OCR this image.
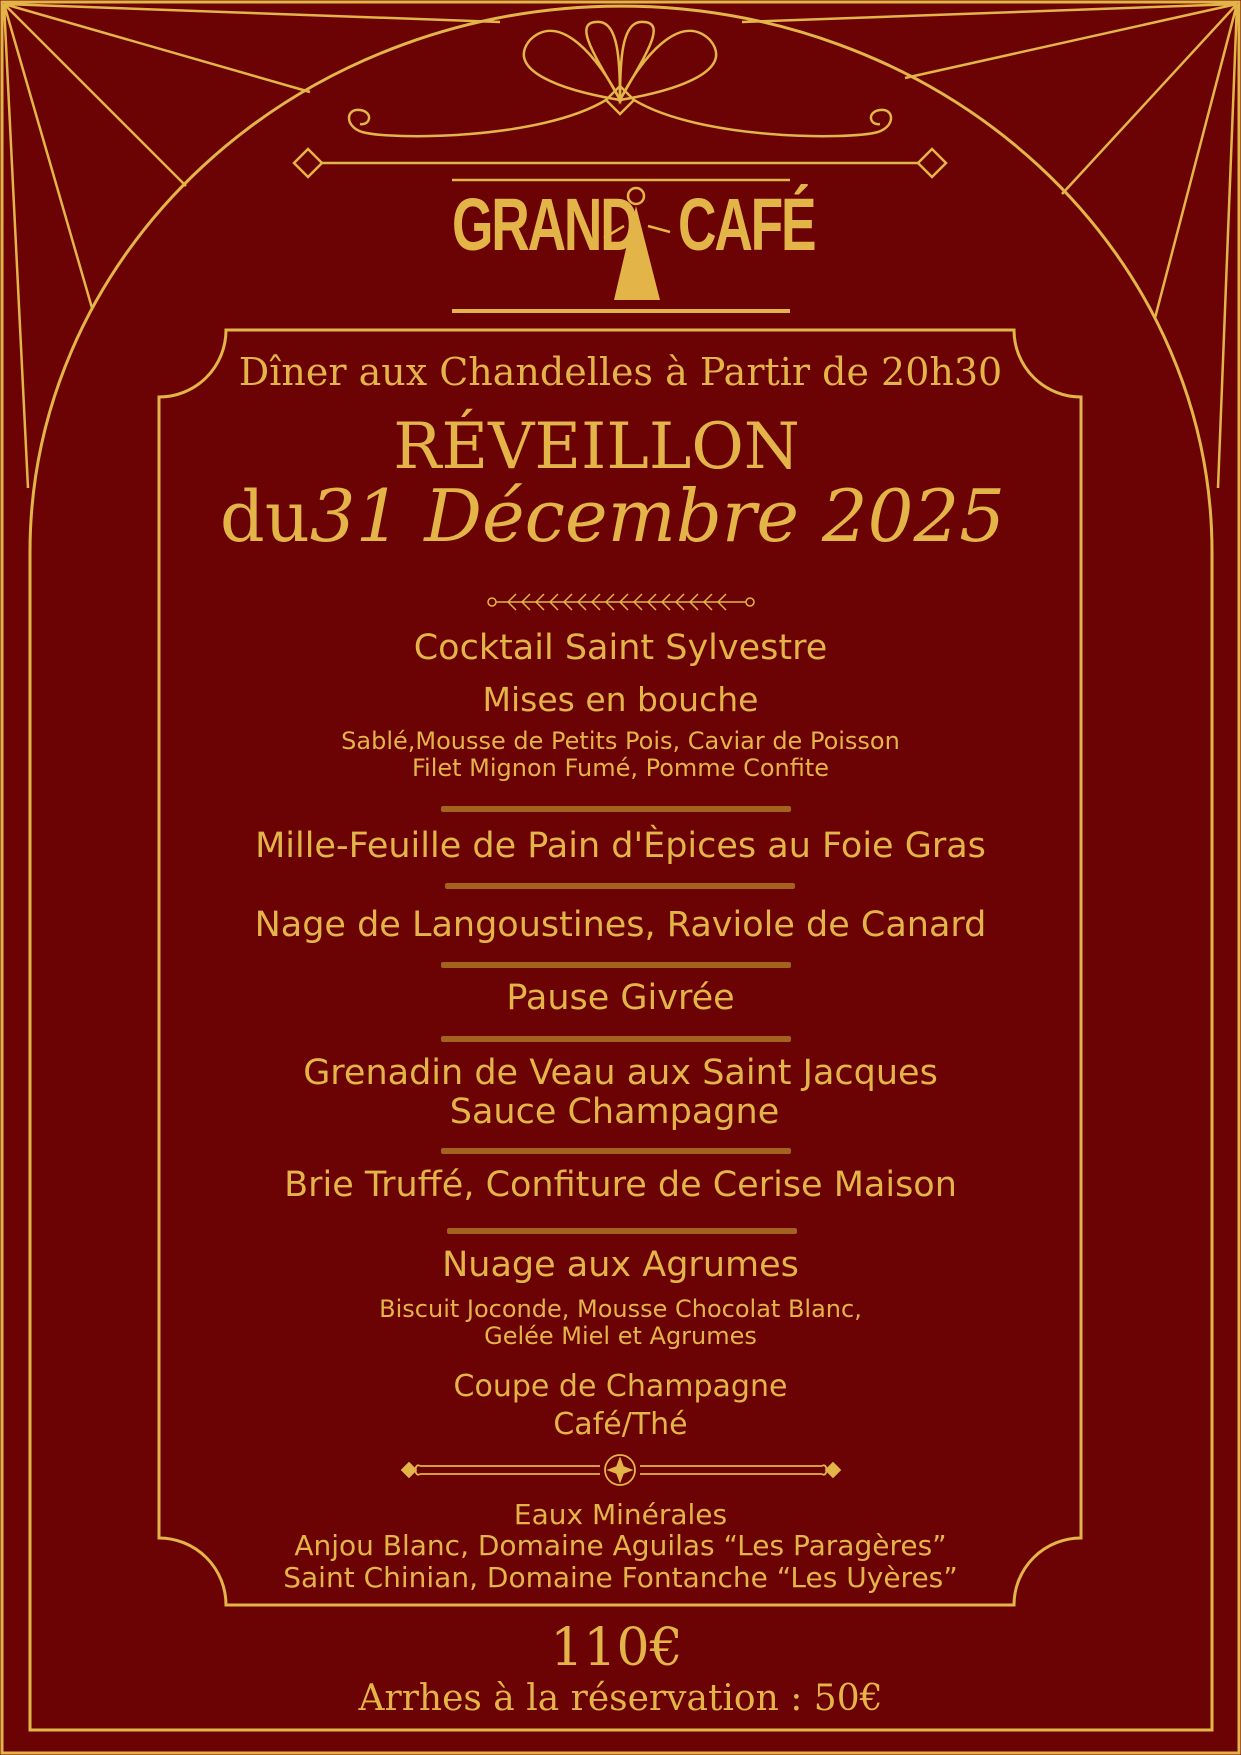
GRAND CAFÉ

Dîner aux Chandelles à Partir de 20h30

RÉVEILLON

du31 Décembre 2025

Cocktail Saint Sylvestre

Mises en bouche

Sablé,Mousse de Petits Pois, Caviar de Poisson

Filet Mignon Fumé, Pomme Confite

Mille-Feuille de Pain d'Èpices au Foie Gras

Nage de Langoustines, Raviole de Canard

Pause Givrée

Grenadin de Veau aux Saint Jacques

Sauce Champagne

Brie Truffé, Confiture de Cerise Maison

Nuage aux Agrumes

Biscuit Joconde, Mousse Chocolat Blanc,

Gelée Miel et Agrumes

Coupe de Champagne

Café/Thé

Eaux Minérales

Anjou Blanc, Domaine Aguilas “Les Paragères”

Saint Chinian, Domaine Fontanche “Les Uyères”

110€

Arrhes à la réservation : 50€
